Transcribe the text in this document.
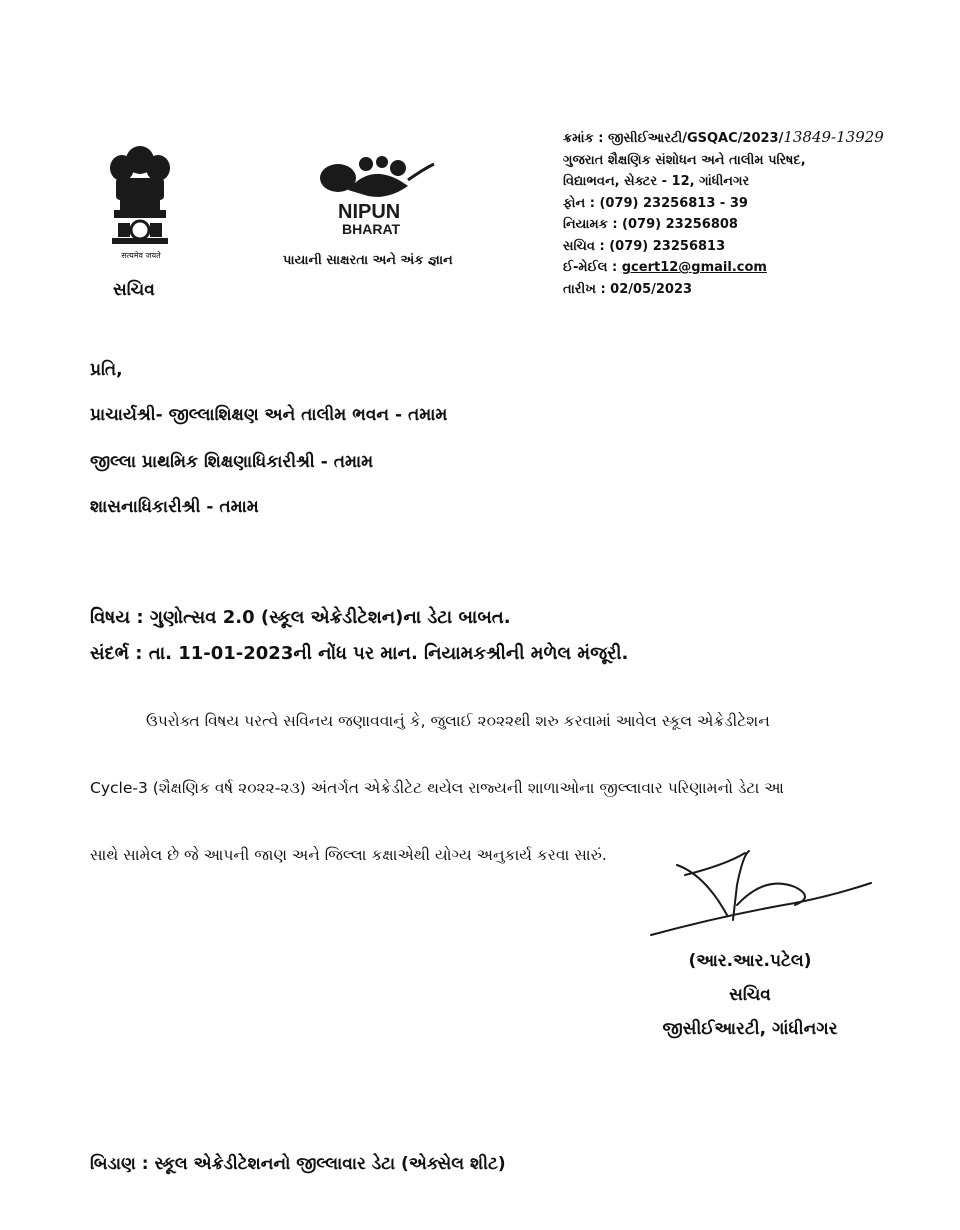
सत्यमेव जयते
સચિવ
NIPUN
BHARAT
પાયાની સાક્ષરતા અને અંક જ્ઞાન
ક્રમાંક : જીસીઈઆરટી/GSQAC/2023/13849-13929
ગુજરાત શૈક્ષણિક સંશોધન અને તાલીમ પરિષદ,
વિદ્યાભવન, સેક્ટર - 12, ગાંધીનગર
ફોન : (079) 23256813 - 39
નિયામક : (079) 23256808
સચિવ : (079) 23256813
ઈ-મેઈલ : gcert12@gmail.com
તારીખ : 02/05/2023
પ્રતિ,
પ્રાચાર્યશ્રી- જીલ્લાશિક્ષણ અને તાલીમ ભવન - તમામ
જીલ્લા પ્રાથમિક શિક્ષણાધિકારીશ્રી - તમામ
શાસનાધિકારીશ્રી - તમામ
વિષય : ગુણોત્સવ 2.0 (સ્કૂલ એક્રેડીટેશન)ના ડેટા બાબત.
સંદર્ભ : તા. 11-01-2023ની નોંધ પર માન. નિયામકશ્રીની મળેલ મંજૂરી.
ઉપરોક્ત વિષય પરત્વે સવિનય જણાવવાનું કે, જુલાઈ ૨૦૨૨થી શરુ કરવામાં આવેલ સ્કૂલ એક્રેડીટેશન
Cycle-3 (શૈક્ષણિક વર્ષ ૨૦૨૨-૨૩) અંતર્ગત એક્રેડીટેટ થયેલ રાજ્યની શાળાઓના જીલ્લાવાર પરિણામનો ડેટા આ
સાથે સામેલ છે જે આપની જાણ અને જિલ્લા કક્ષાએથી યોગ્ય અનુકાર્ય કરવા સારું.
(આર.આર.પટેલ)
સચિવ
જીસીઈઆરટી, ગાંધીનગર
બિડાણ : સ્કૂલ એક્રેડીટેશનનો જીલ્લાવાર ડેટા (એક્સેલ શીટ)
